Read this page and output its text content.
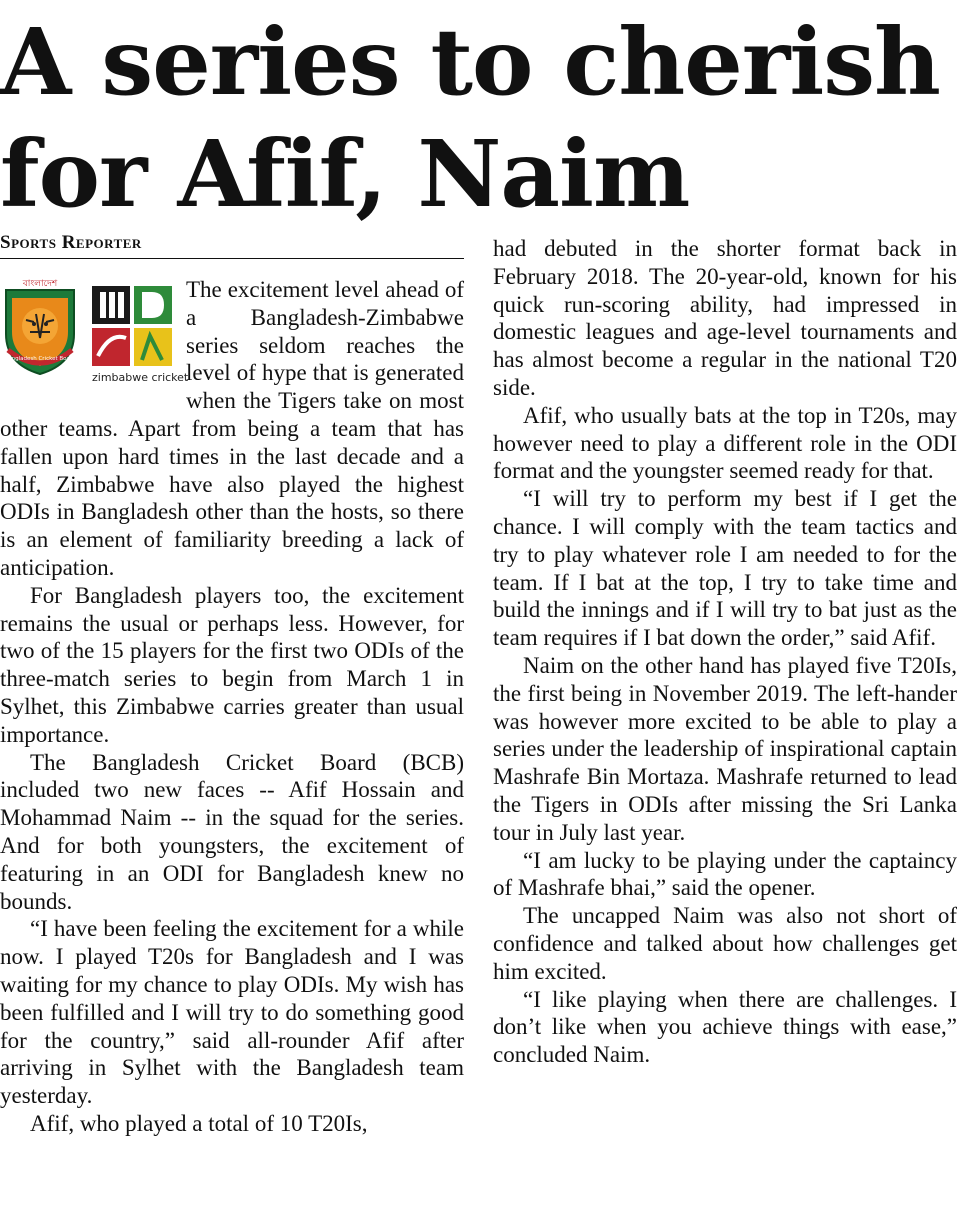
A series to cherish for Afif, Naim
Sports Reporter
বাংলাদেশ
Bangladesh Cricket Board
zimbabwe cricket

The excitement level ahead of a Bangladesh-Zimbabwe series seldom reaches the level of hype that is generated when the Tigers take on most other teams. Apart from being a team that has fallen upon hard times in the last decade and a half, Zimbabwe have also played the highest ODIs in Bangladesh other than the hosts, so there is an element of familiarity breeding a lack of anticipation.

For Bangladesh players too, the excitement remains the usual or perhaps less. However, for two of the 15 players for the first two ODIs of the three-match series to begin from March 1 in Sylhet, this Zimbabwe carries greater than usual importance.

The Bangladesh Cricket Board (BCB) included two new faces -- Afif Hossain and Mohammad Naim -- in the squad for the series. And for both youngsters, the excitement of featuring in an ODI for Bangladesh knew no bounds.

“I have been feeling the excitement for a while now. I played T20s for Bangladesh and I was waiting for my chance to play ODIs. My wish has been fulfilled and I will try to do something good for the country,” said all-rounder Afif after arriving in Sylhet with the Bangladesh team yesterday.

Afif, who played a total of 10 T20Is,

had debuted in the shorter format back in February 2018. The 20-year-old, known for his quick run-scoring ability, had impressed in domestic leagues and age-level tournaments and has almost become a regular in the national T20 side.

Afif, who usually bats at the top in T20s, may however need to play a different role in the ODI format and the youngster seemed ready for that.

“I will try to perform my best if I get the chance. I will comply with the team tactics and try to play whatever role I am needed to for the team. If I bat at the top, I try to take time and build the innings and if I will try to bat just as the team requires if I bat down the order,” said Afif.

Naim on the other hand has played five T20Is, the first being in November 2019. The left-hander was however more excited to be able to play a series under the leadership of inspirational captain Mashrafe Bin Mortaza. Mashrafe returned to lead the Tigers in ODIs after missing the Sri Lanka tour in July last year.

“I am lucky to be playing under the captaincy of Mashrafe bhai,” said the opener.

The uncapped Naim was also not short of confidence and talked about how challenges get him excited.

“I like playing when there are challenges. I don’t like when you achieve things with ease,” concluded Naim.
